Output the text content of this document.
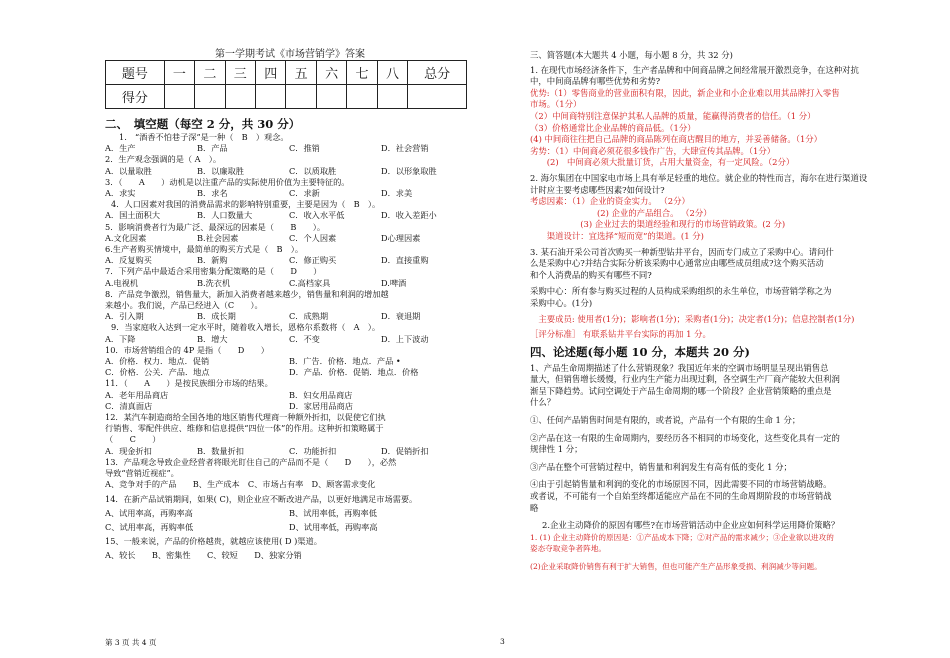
第一学期考试《市场营销学》答案
题号	一	二	三	四	五	六	七	八	总分
得分									

二、　填空题（每空 2 分，共 30 分）

1.　“酒香不怕巷子深”是一种（　B　）观念。

A．生产	B．产品	C．推销	D．社会营销

2．生产观念强调的是（ A　）。

A．以量取胜	B．以廉取胜	C．以质取胜	D．以形象取胜

3．（　　A　　）动机是以注重产品的实际使用价值为主要特征的。

A．求实	B．求名	C．求新	D．求美

4．人口因素对我国的消费品需求的影响特别重要，主要是因为（　B　）。

A．国土面积大	B．人口数量大	C．收入水平低	D．收入差距小

5．影响消费者行为最广泛、最深远的因素是（　　B　　）。

A.文化因素	B.社会因素	C．个人因素	D心理因素

6.生产者购买情境中，最简单的购买方式是（　B　）。

A．反复购买	B．新购	C．修正购买	D．直接重购

7．下列产品中最适合采用密集分配策略的是（　　D　　）

A.电视机	B.洗衣机	C.高档家具	D.啤酒

8．产品竞争激烈，销售量大，新加入消费者越来越少，销售量和利润的增加越

来越小。我们说，产品已经进入（C　　）。

A．引入期	B．成长期	C．成熟期	D．衰退期

9．当家庭收入达到一定水平时，随着收入增长，恩格尔系数将（　A　）。

A．下降	B．增大	C．不变	D．上下波动

10．市场营销组合的 4P 是指（　　D　　）

A．价格．权力．地点．促销	B．广告．价格．地点．产品 •
C．价格．公关．产品．地点	D．产品．价格．促销．地点．价格

11．（　　A　　）是按民族细分市场的结果。

A．老年用品商店	B．妇女用品商店
C．清真面店	D．家居用品商店

12．某汽车制造商给全国各地的地区销售代理商一种额外折扣，以促使它们执

行销售、零配件供应、维修和信息提供“四位一体”的作用。这种折扣策略属于

（　　C　　）

A．现金折扣	B．数量折扣	C．功能折扣	D．促销折扣

13．产品观念导致企业经营者将眼光盯住自己的产品而不是（　　D　　），必然

导致“营销近视症”。

A、竞争对手的产品　　B、生产成本　C、市场占有率　D、顾客需求变化

14．在新产品试销期间，如果( C)，则企业应不断改进产品，以更好地满足市场需要。

A、试用率高，再购率高	B、试用率低，再购率低
C、试用率高，再购率低	D、试用率低，再购率高

15、一般来说，产品的价格越贵，就越应该使用( D )渠道。

A、较长　　B、密集性　　C、较短　　D、独家分销

三、简答题(本大题共 4 小题，每小题 8 分，共 32 分)

1. 在现代市场经济条件下，生产者品牌和中间商品牌之间经常展开激烈竞争，在这种对抗

中，中间商品牌有哪些优势和劣势?

优势:（1）零售商业的营业面积有限，因此，新企业和小企业难以用其品牌打入零售

市场。（1分）

（2）中间商特别注意保护其私人品牌的质量，能赢得消费者的信任。（1 分）

（3）价格通常比企业品牌的商品低。（1分）

(4) 中间商往往把自己品牌的商品陈列在商店醒目的地方，并妥善储备。（1分）

劣势：（1）中间商必须花很多钱作广告，大肆宣传其品牌。（1分）

　　(2)　中间商必须大批量订货，占用大量资金，有一定风险。（2分）

2. 海尔集团在中国家电市场上具有举足轻重的地位。就企业的特性而言，海尔在进行渠道设

计时应主要考虑哪些因素?如何设计?

考虑因素：（1）企业的资金实力。 （2分）

　　　　　　　　(2) 企业的产品组合。 （2分）

　　　　　　(3) 企业过去的渠道经验和现行的市场营销政策。(2 分)

　　渠道设计：宜选择“短而宽”的渠道。(1 分)

3. 某石油开采公司首次购买一种新型钻井平台，因而专门成立了采购中心。请问什

么是采购中心?并结合实际分析该采购中心通常应由哪些成员组成?这个购买活动

和个人消费品的购买有哪些不同?

采购中心：所有参与购买过程的人员构成采购组织的永生单位，市场营销学称之为

采购中心。(1分)

　主要成员: 使用者(1分)；影响者(1分)；采购者(1分)；决定者(1分)；信息控制者(1分)

［评分标准］ 有联系钻井平台实际的再加 1 分。

四、论述题(每小题 10 分，本题共 20 分)

1、产品生命周期描述了什么营销现象？我国近年来的空调市场明显呈现出销售总

量大，但销售增长缓慢，行业内生产能力出现过剩，各空调生产厂商产能较大但利润

渐呈下降趋势。试问空调处于产品生命周期的哪一个阶段？企业营销策略的重点是

什么？

①、任何产品销售时间是有限的，或者说，产品有一个有限的生命 1 分；

②产品在这一有限的生命周期内，要经历各不相同的市场变化，这些变化具有一定的

规律性 1 分；

③产品在整个可营销过程中，销售量和利润发生有高有低的变化 1 分；

④由于引起销售量和利润的变化的市场原因不同，因此需要不同的市场营销战略。

或者说，不可能有一个自始至终都适能应产品在不同的生命周期阶段的市场营销战

略

2.企业主动降价的原因有哪些?在市场营销活动中企业应如何科学运用降价策略？

1. (1) 企业主动降价的原因是：①产品成本下降；②对产品的需求减少；③企业欲以进攻的

姿态夺取竞争者阵地。

(2)企业采取降价销售有利于扩大销售，但也可能产生产品形象受损、利润减少等问题。

第 3 页 共 4 页	3
